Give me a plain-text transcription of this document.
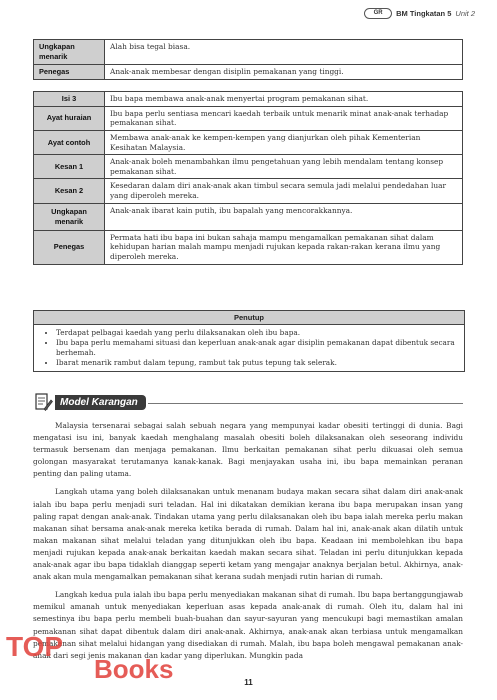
GR	BM Tingkatan 5 Unit 2
Ungkapan menarik	Alah bisa tegal biasa.
Penegas	Anak-anak membesar dengan disiplin pemakanan yang tinggi.
Isi 3	Ibu bapa membawa anak-anak menyertai program pemakanan sihat.
Ayat huraian	Ibu bapa perlu sentiasa mencari kaedah terbaik untuk menarik minat anak-anak terhadap pemakanan sihat.
Ayat contoh	Membawa anak-anak ke kempen-kempen yang dianjurkan oleh pihak Kementerian Kesihatan Malaysia.
Kesan 1	Anak-anak boleh menambahkan ilmu pengetahuan yang lebih mendalam tentang konsep pemakanan sihat.
Kesan 2	Kesedaran dalam diri anak-anak akan timbul secara semula jadi melalui pendedahan luar yang diperoleh mereka.
Ungkapan menarik	Anak-anak ibarat kain putih, ibu bapalah yang mencorakkannya.
Penegas	Permata hati ibu bapa ini bukan sahaja mampu mengamalkan pemakanan sihat dalam kehidupan harian malah mampu menjadi rujukan kepada rakan-rakan kerana ilmu yang diperoleh mereka.
Penutup
• Terdapat pelbagai kaedah yang perlu dilaksanakan oleh ibu bapa.
• Ibu bapa perlu memahami situasi dan keperluan anak-anak agar disiplin pemakanan dapat dibentuk secara berhemah.
• Ibarat menarik rambut dalam tepung, rambut tak putus tepung tak selerak.
Model Karangan

Malaysia tersenarai sebagai salah sebuah negara yang mempunyai kadar obesiti tertinggi di dunia. Bagi mengatasi isu ini, banyak kaedah menghalang masalah obesiti boleh dilaksanakan oleh seseorang individu termasuk bersenam dan menjaga pemakanan. Ilmu berkaitan pemakanan sihat perlu dikuasai oleh semua golongan masyarakat terutamanya kanak-kanak. Bagi menjayakan usaha ini, ibu bapa memainkan peranan penting dan paling utama.

Langkah utama yang boleh dilaksanakan untuk menanam budaya makan secara sihat dalam diri anak-anak ialah ibu bapa perlu menjadi suri teladan. Hal ini dikatakan demikian kerana ibu bapa merupakan insan yang paling rapat dengan anak-anak. Tindakan utama yang perlu dilaksanakan oleh ibu bapa ialah mereka perlu makan makanan sihat bersama anak-anak mereka ketika berada di rumah. Dalam hal ini, anak-anak akan dilatih untuk makan makanan sihat melalui teladan yang ditunjukkan oleh ibu bapa. Keadaan ini membolehkan ibu bapa menjadi rujukan kepada anak-anak berkaitan kaedah makan secara sihat. Teladan ini perlu ditunjukkan kepada anak-anak agar ibu bapa tidaklah dianggap seperti ketam yang mengajar anaknya berjalan betul. Akhirnya, anak-anak akan mula mengamalkan pemakanan sihat kerana sudah menjadi rutin harian di rumah.

Langkah kedua pula ialah ibu bapa perlu menyediakan makanan sihat di rumah. Ibu bapa bertanggungjawab memikul amanah untuk menyediakan keperluan asas kepada anak-anak di rumah. Oleh itu, dalam hal ini semestinya ibu bapa perlu membeli buah-buahan dan sayur-sayuran yang mencukupi bagi memastikan amalan pemakanan sihat dapat dibentuk dalam diri anak-anak. Akhirnya, anak-anak akan terbiasa untuk mengamalkan pemakanan sihat melalui hidangan yang disediakan di rumah. Malah, ibu bapa boleh mengawal pemakanan anak-anak dari segi jenis makanan dan kadar yang diperlukan. Mungkin pada

TOP
Books	11
